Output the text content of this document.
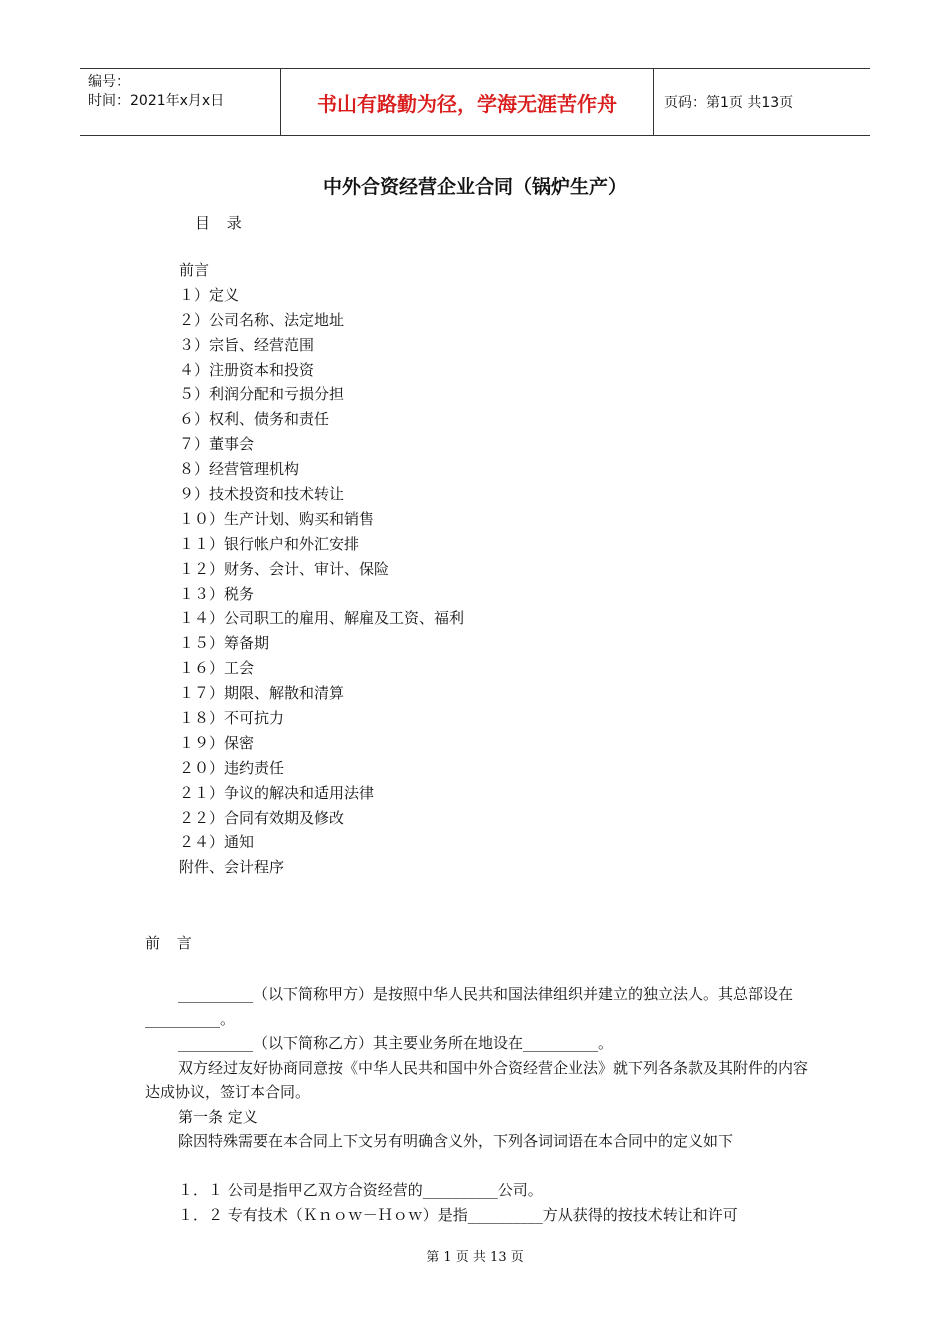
编号：
时间：2021年x月x日	书山有路勤为径，学海无涯苦作舟	页码：第1页 共13页
中外合资经营企业合同（锅炉生产）
目 录
前言
１）定义
２）公司名称、法定地址
３）宗旨、经营范围
４）注册资本和投资
５）利润分配和亏损分担
６）权利、债务和责任
７）董事会
８）经营管理机构
９）技术投资和技术转让
１０）生产计划、购买和销售
１１）银行帐户和外汇安排
１２）财务、会计、审计、保险
１３）税务
１４）公司职工的雇用、解雇及工资、福利
１５）筹备期
１６）工会
１７）期限、解散和清算
１８）不可抗力
１９）保密
２０）违约责任
２１）争议的解决和适用法律
２２）合同有效期及修改
２４）通知
附件、会计程序
前 言

__________（以下简称甲方）是按照中华人民共和国法律组织并建立的独立法人。其总部设在__________。

__________（以下简称乙方）其主要业务所在地设在__________。

双方经过友好协商同意按《中华人民共和国中外合资经营企业法》就下列各条款及其附件的内容达成协议，签订本合同。

第一条 定义

除因特殊需要在本合同上下文另有明确含义外，下列各词词语在本合同中的定义如下

１．１ 公司是指甲乙双方合资经营的__________公司。

１．２ 专有技术（Ｋｎｏｗ－Ｈｏｗ）是指__________方从获得的按技术转让和许可

第 1 页 共 13 页
